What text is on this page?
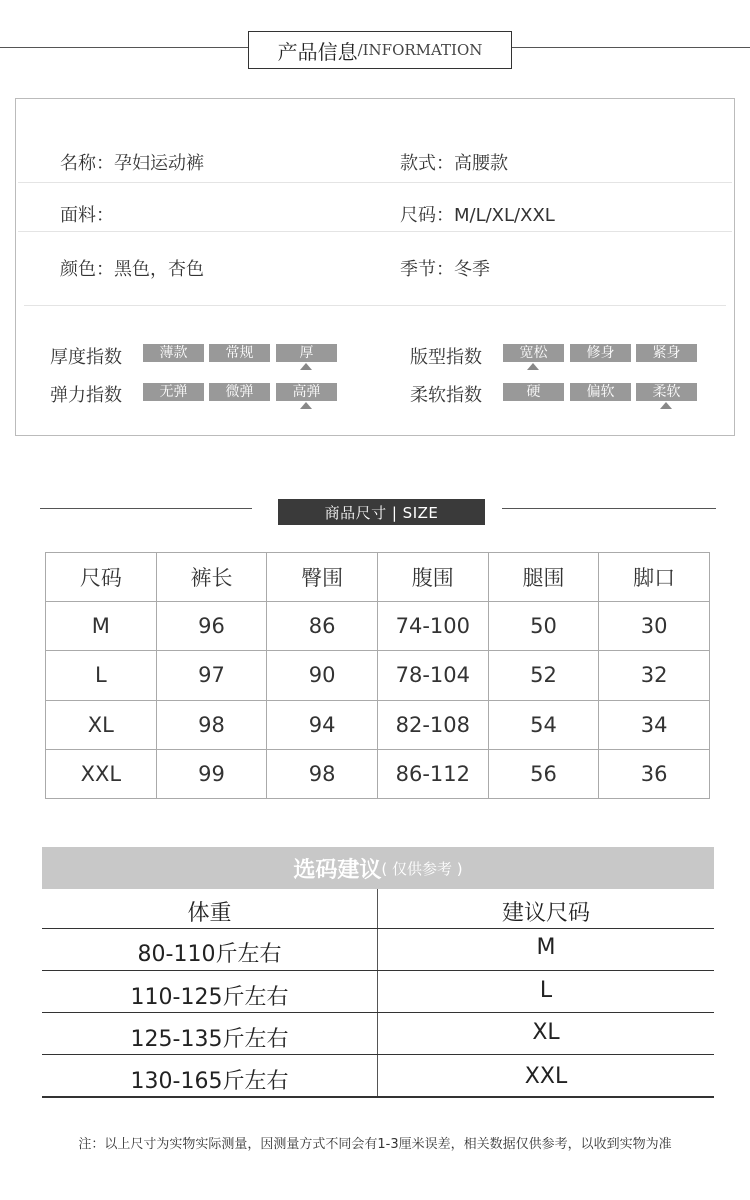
产品信息 /INFORMATION
名称：孕妇运动裤	款式：高腰款
面料：	尺码：M/L/XL/XXL
颜色：黑色，杏色	季节：冬季
厚度指数	薄款	常规	厚	版型指数	宽松	修身	紧身
弹力指数	无弹	微弹	高弹	柔软指数	硬	偏软	柔软
商品尺寸 | SIZE
尺码	裤长	臀围	腹围	腿围	脚口
M	96	86	74-100	50	30
L	97	90	78-104	52	32
XL	98	94	82-108	54	34
XXL	99	98	86-112	56	36
选码建议 ( 仅供参考 )
体重	建议尺码
80-110斤左右	M
110-125斤左右	L
125-135斤左右	XL
130-165斤左右	XXL
注：以上尺寸为实物实际测量，因测量方式不同会有1-3厘米误差，相关数据仅供参考，以收到实物为准
